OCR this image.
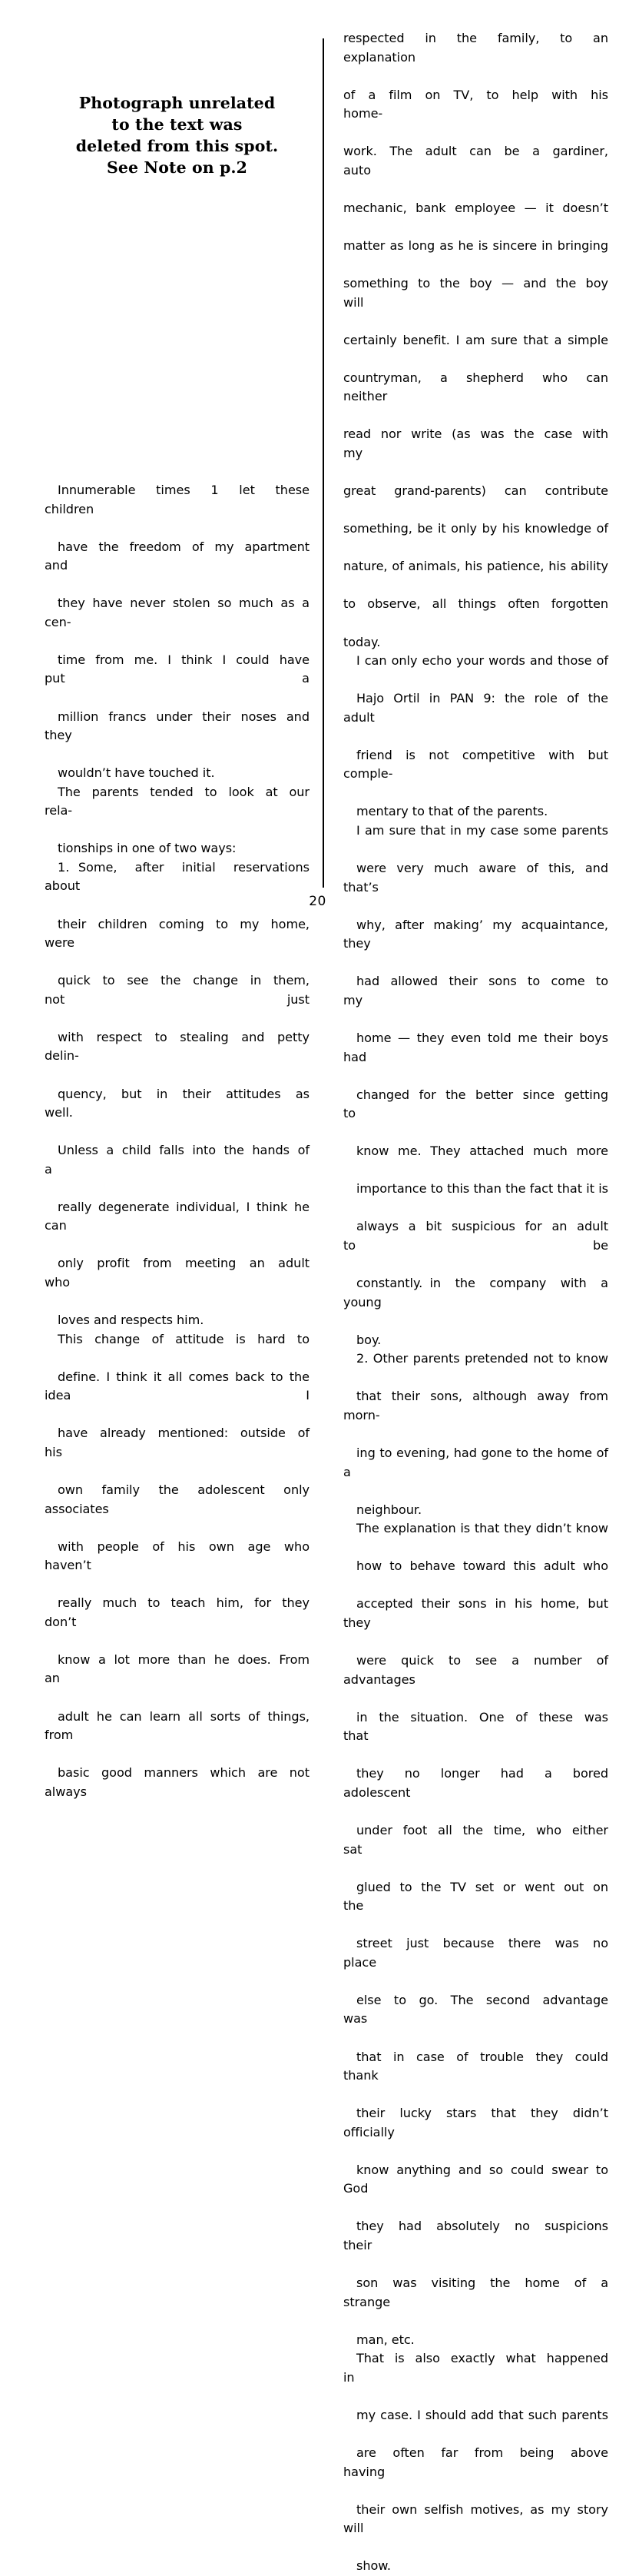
Photograph unrelated
to the text was
deleted from this spot.
See Note on p.2

Innumerable  times  1  let  these  children
have  the  freedom  of  my  apartment  and
they have never stolen so much as a cen-
time  from  me.  I  think  I  could  have  put  a
million  francs  under  their  noses  and  they
wouldn’t have touched it.

The  parents  tended  to  look  at  our  rela-
tionships in one of two ways:

1. Some,  after  initial  reservations  about
their  children  coming  to  my  home,  were
quick  to  see  the  change  in  them,  not  just
with  respect  to  stealing  and  petty  delin-
quency,  but  in  their  attitudes  as  well.
Unless  a  child  falls  into  the  hands  of  a
really degenerate individual, I think he can
only  profit  from  meeting  an  adult  who
loves and respects him.

This  change  of  attitude  is  hard  to
define. I think it all comes back to the idea I
have  already  mentioned:  outside  of  his
own family the adolescent only associates
with  people  of  his  own  age  who  haven’t
really  much  to  teach  him,  for  they  don’t
know  a  lot  more  than  he  does.  From  an
adult he can learn all sorts of things, from
basic good manners which are not always

respected  in  the  family,  to  an  explanation
of  a  film  on  TV,  to  help  with  his  home-
work.  The  adult  can  be  a  gardiner,  auto
mechanic,  bank  employee  —  it  doesn’t
matter as long as he is sincere in bringing
something  to  the  boy  —  and  the  boy  will
certainly benefit. I am sure that a simple
countryman,  a  shepherd  who  can  neither
read  nor  write  (as  was  the  case  with  my
great   grand-parents)   can   contribute
something, be it only by his knowledge of
nature, of animals, his patience, his ability
to  observe,  all  things  often  forgotten
today.

I can only echo your words and those of
Hajo  Ortil  in  PAN  9:  the  role  of  the  adult
friend is not competitive with but comple-
mentary to that of the parents.

I am sure that in my case some parents
were very much aware of this, and that’s
why, after making’ my acquaintance, they
had  allowed  their  sons  to  come  to  my
home — they even told me their boys had
changed  for  the  better  since  getting  to
know  me.  They  attached  much  more
importance to this than the fact that it is
always  a  bit  suspicious  for  an  adult  to  be
constantly. in  the  company  with  a  young
boy.

2. Other parents pretended not to know
that their sons, although away from morn-
ing to evening, had gone to the home of a
neighbour.

The explanation is that they didn’t know
how  to  behave  toward  this  adult  who
accepted their sons in his home, but they
were quick to see a number of advantages
in  the  situation.  One  of  these  was  that
they  no  longer  had  a  bored  adolescent
under  foot  all  the  time,  who  either  sat
glued  to  the  TV  set  or  went  out  on  the
street  just  because  there  was  no  place
else  to  go.  The  second  advantage  was
that  in  case  of  trouble  they  could  thank
their lucky stars that they didn’t officially
know anything and so could swear to God
they  had  absolutely  no  suspicions  their
son  was  visiting  the  home  of  a  strange
man, etc.

That  is  also  exactly  what  happened  in
my case. I should add that such parents
are  often  far  from  being  above  having
their own selfish motives, as my story will
show.

20
